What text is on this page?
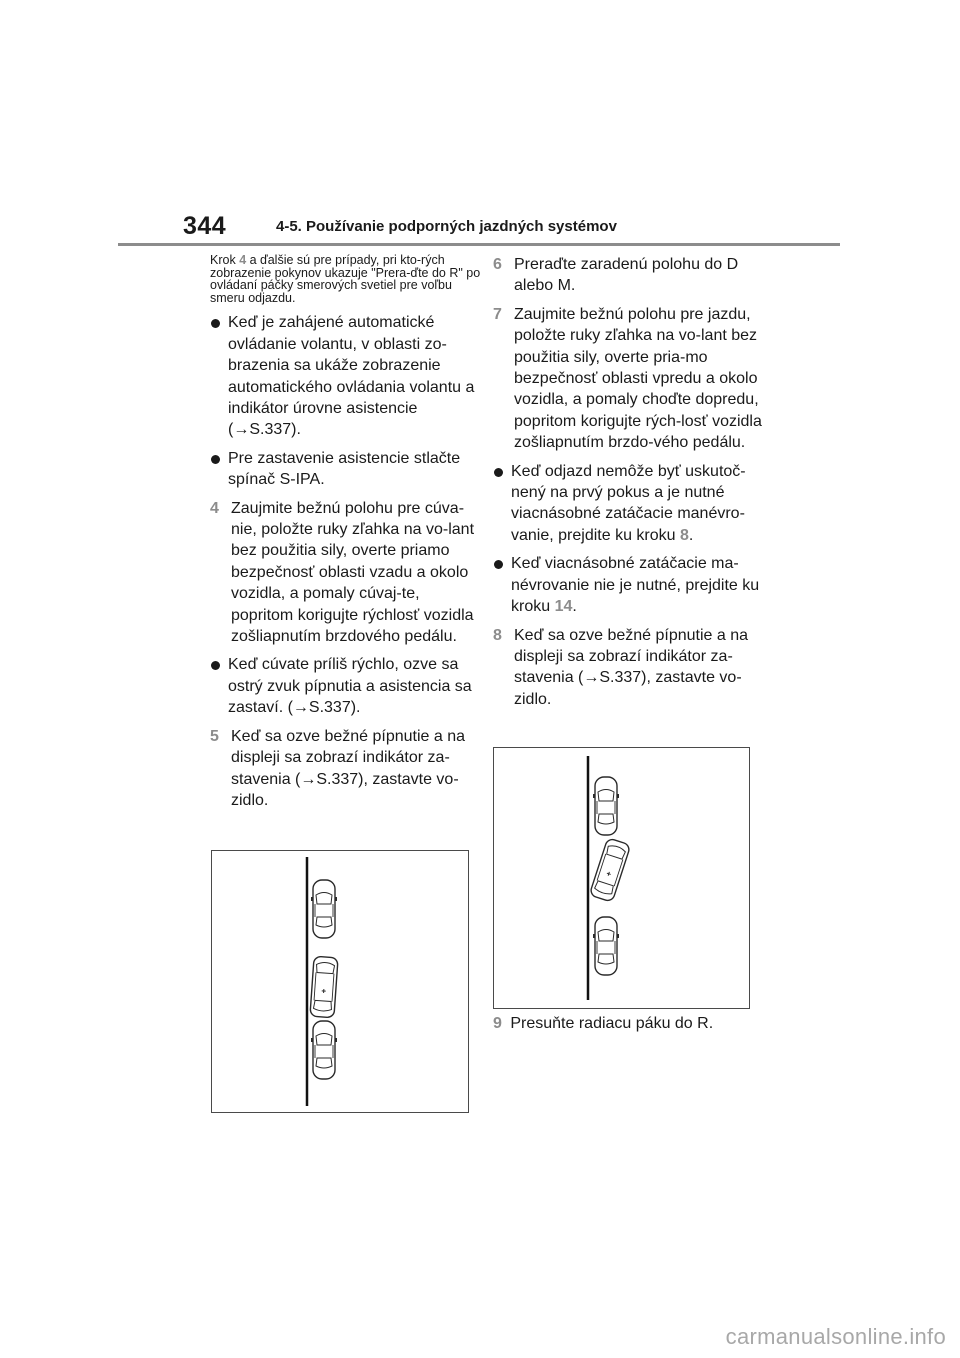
344	4-5. Používanie podporných jazdných systémov

Krok 4 a ďalšie sú pre prípady, pri kto-rých zobrazenie pokynov ukazuje "Prera-ďte do R" po ovládaní páčky smerových svetiel pre voľbu smeru odjazdu.

Keď je zahájené automatické ovládanie volantu, v oblasti zo-brazenia sa ukáže zobrazenie automatického ovládania volantu a indikátor úrovne asistencie (→S.337).
Pre zastavenie asistencie stlačte spínač S-IPA.
4 Zaujmite bežnú polohu pre cúva-nie, položte ruky zľahka na vo-lant bez použitia sily, overte priamo bezpečnosť oblasti vzadu a okolo vozidla, a pomaly cúvaj-te, popritom korigujte rýchlosť vozidla zošliapnutím brzdového pedálu.
Keď cúvate príliš rýchlo, ozve sa ostrý zvuk pípnutia a asistencia sa zastaví. (→S.337).
5 Keď sa ozve bežné pípnutie a na displeji sa zobrazí indikátor za-stavenia (→S.337), zastavte vo-zidlo.
6 Preraďte zaradenú polohu do D alebo M.
7 Zaujmite bežnú polohu pre jazdu, položte ruky zľahka na vo-lant bez použitia sily, overte pria-mo bezpečnosť oblasti vpredu a okolo vozidla, a pomaly choďte dopredu, popritom korigujte rých-losť vozidla zošliapnutím brzdo-vého pedálu.
Keď odjazd nemôže byť uskutoč-nený na prvý pokus a je nutné viacnásobné zatáčacie manévro-vanie, prejdite ku kroku 8.
Keď viacnásobné zatáčacie ma-névrovanie nie je nutné, prejdite ku kroku 14.
8 Keď sa ozve bežné pípnutie a na displeji sa zobrazí indikátor za-stavenia (→S.337), zastavte vo-zidlo.
9 Presuňte radiacu páku do R.
carmanualsonline.info
